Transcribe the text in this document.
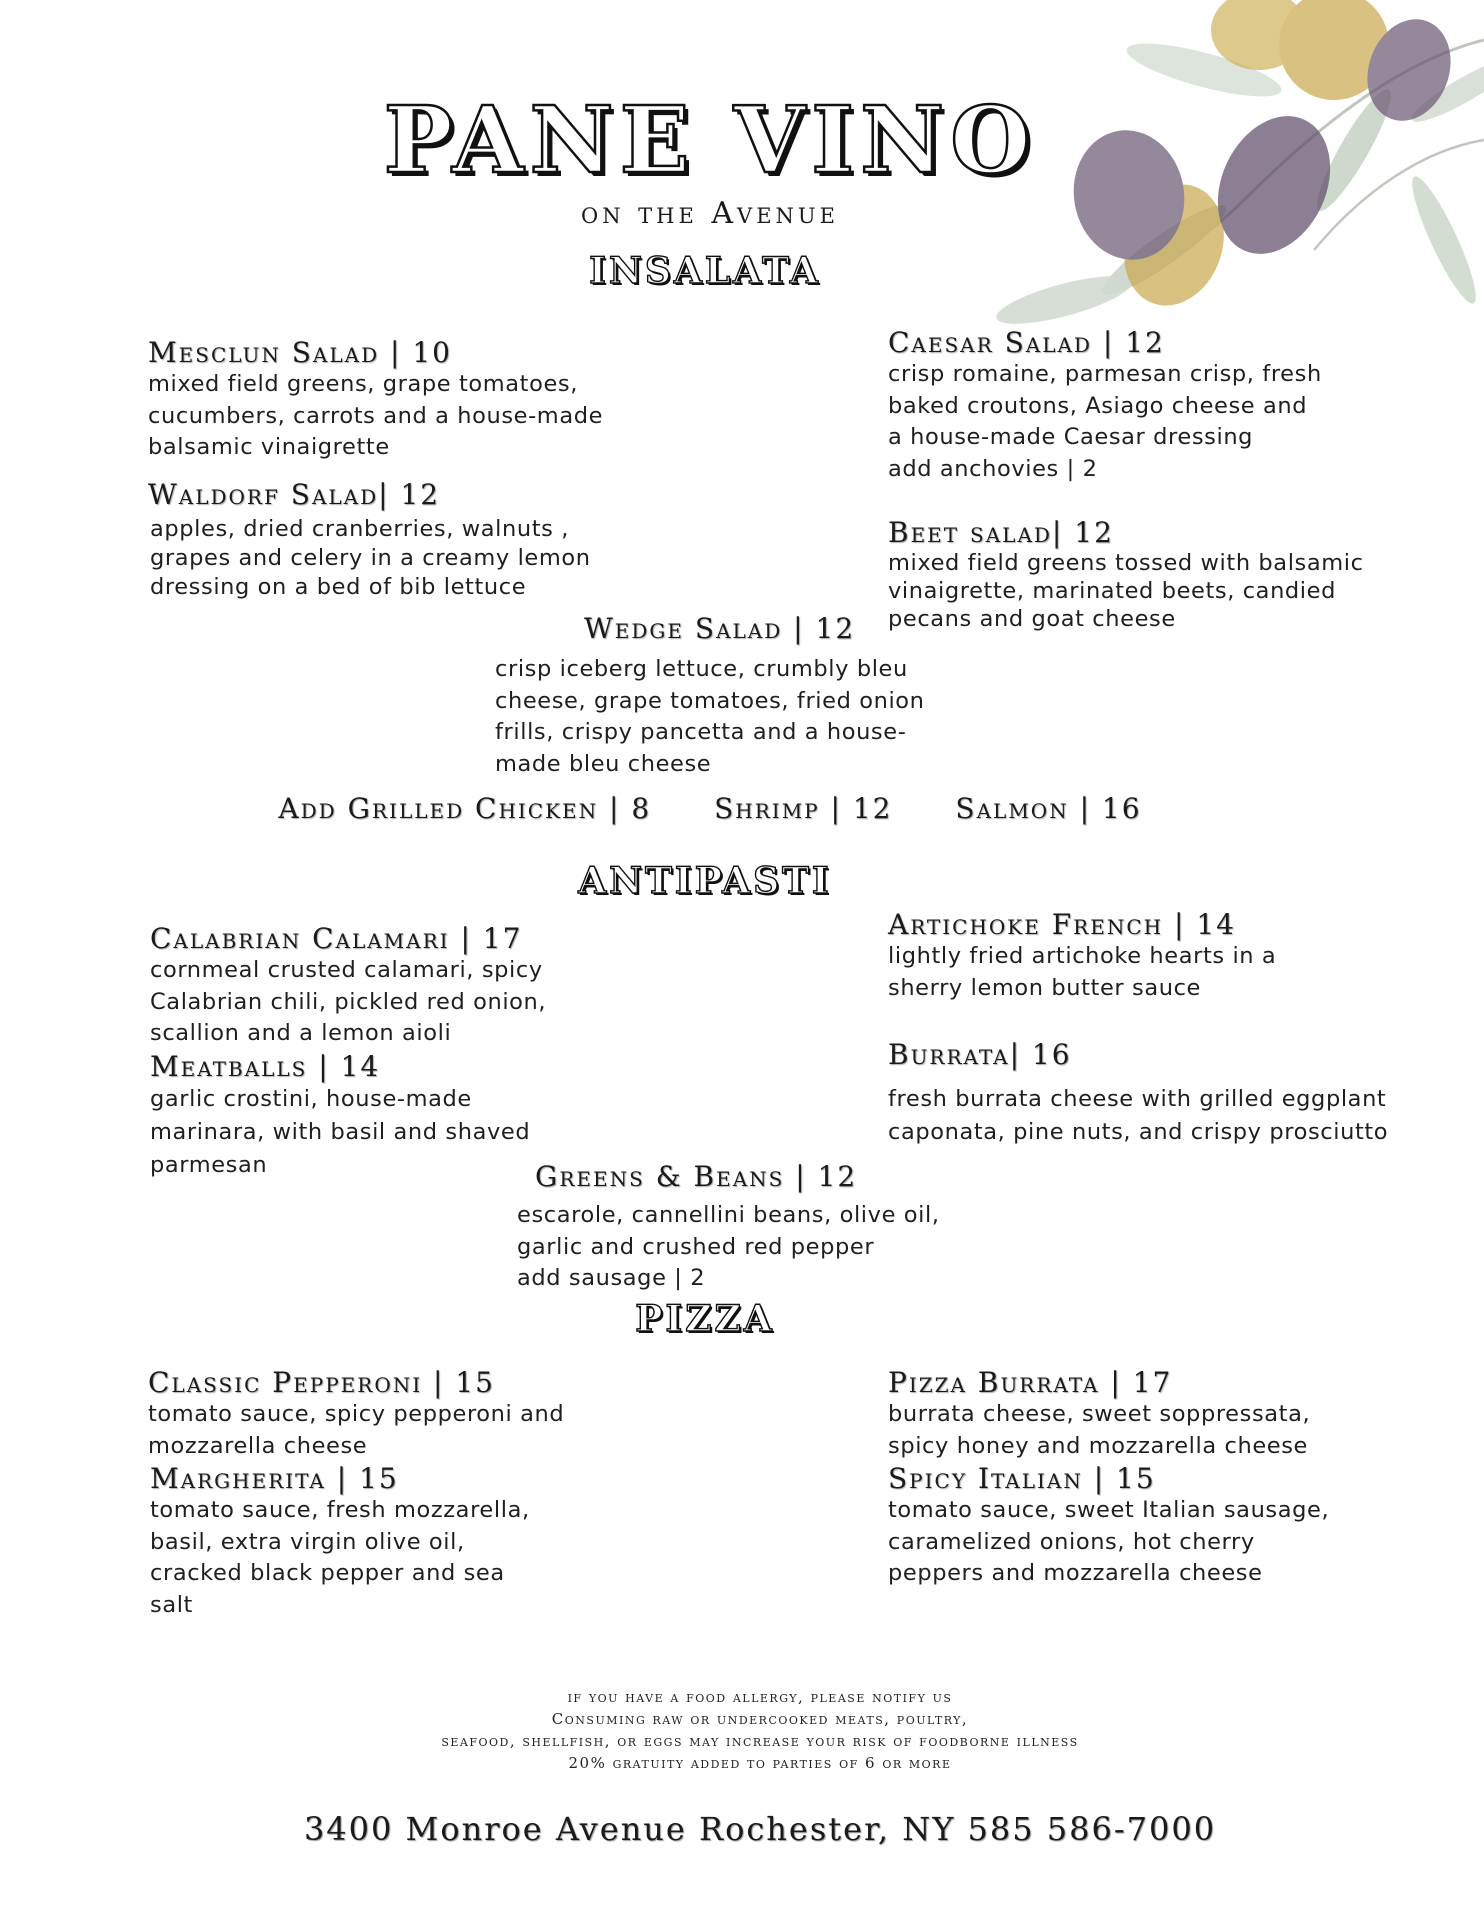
PANE VINO
on the Avenue
INSALATA
Mesclun Salad | 10
mixed field greens, grape tomatoes,
cucumbers, carrots and a house-made
balsamic vinaigrette
Waldorf Salad| 12
apples, dried cranberries, walnuts ,
grapes and celery in a creamy lemon
dressing on a bed of bib lettuce
Caesar Salad | 12
crisp romaine, parmesan crisp, fresh
baked croutons, Asiago cheese and
a house-made Caesar dressing
add anchovies | 2
Beet salad| 12
mixed field greens tossed with balsamic
vinaigrette, marinated beets, candied
pecans and goat cheese
Wedge Salad | 12
crisp iceberg lettuce, crumbly bleu
cheese, grape tomatoes, fried onion
frills, crispy pancetta and a house-
made bleu cheese
Add Grilled Chicken | 8 Shrimp | 12 Salmon | 16
ANTIPASTI
Calabrian Calamari | 17
cornmeal crusted calamari, spicy
Calabrian chili, pickled red onion,
scallion and a lemon aioli
Meatballs | 14
garlic crostini, house-made
marinara, with basil and shaved
parmesan
Artichoke French | 14
lightly fried artichoke hearts in a
sherry lemon butter sauce
Burrata| 16
fresh burrata cheese with grilled eggplant
caponata, pine nuts, and crispy prosciutto
Greens & Beans | 12
escarole, cannellini beans, olive oil,
garlic and crushed red pepper
add sausage | 2
PIZZA
Classic Pepperoni | 15
tomato sauce, spicy pepperoni and
mozzarella cheese
Margherita | 15
tomato sauce, fresh mozzarella,
basil, extra virgin olive oil,
cracked black pepper and sea
salt
Pizza Burrata | 17
burrata cheese, sweet soppressata,
spicy honey and mozzarella cheese
Spicy Italian | 15
tomato sauce, sweet Italian sausage,
caramelized onions, hot cherry
peppers and mozzarella cheese
if you have a food allergy, please notify us
Consuming raw or undercooked meats, poultry,
seafood, shellfish, or eggs may increase your risk of foodborne illness
20% gratuity added to parties of 6 or more
3400 Monroe Avenue Rochester, NY 585 586-7000
